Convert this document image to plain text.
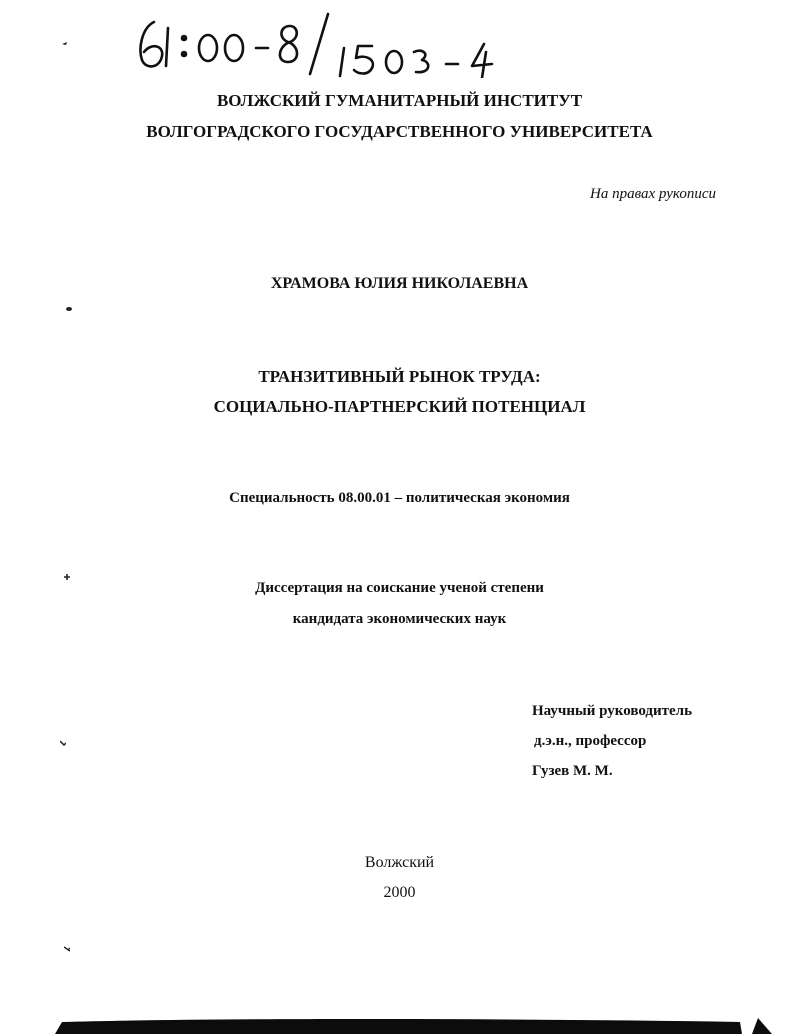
ВОЛЖСКИЙ ГУМАНИТАРНЫЙ ИНСТИТУТ
ВОЛГОГРАДСКОГО ГОСУДАРСТВЕННОГО УНИВЕРСИТЕТА
На правах рукописи
ХРАМОВА ЮЛИЯ НИКОЛАЕВНА
ТРАНЗИТИВНЫЙ РЫНОК ТРУДА:
СОЦИАЛЬНО-ПАРТНЕРСКИЙ ПОТЕНЦИАЛ
Специальность 08.00.01 – политическая экономия
Диссертация на соискание ученой степени
кандидата экономических наук
Научный руководитель
д.э.н., профессор
Гузев М. М.
Волжский
2000
